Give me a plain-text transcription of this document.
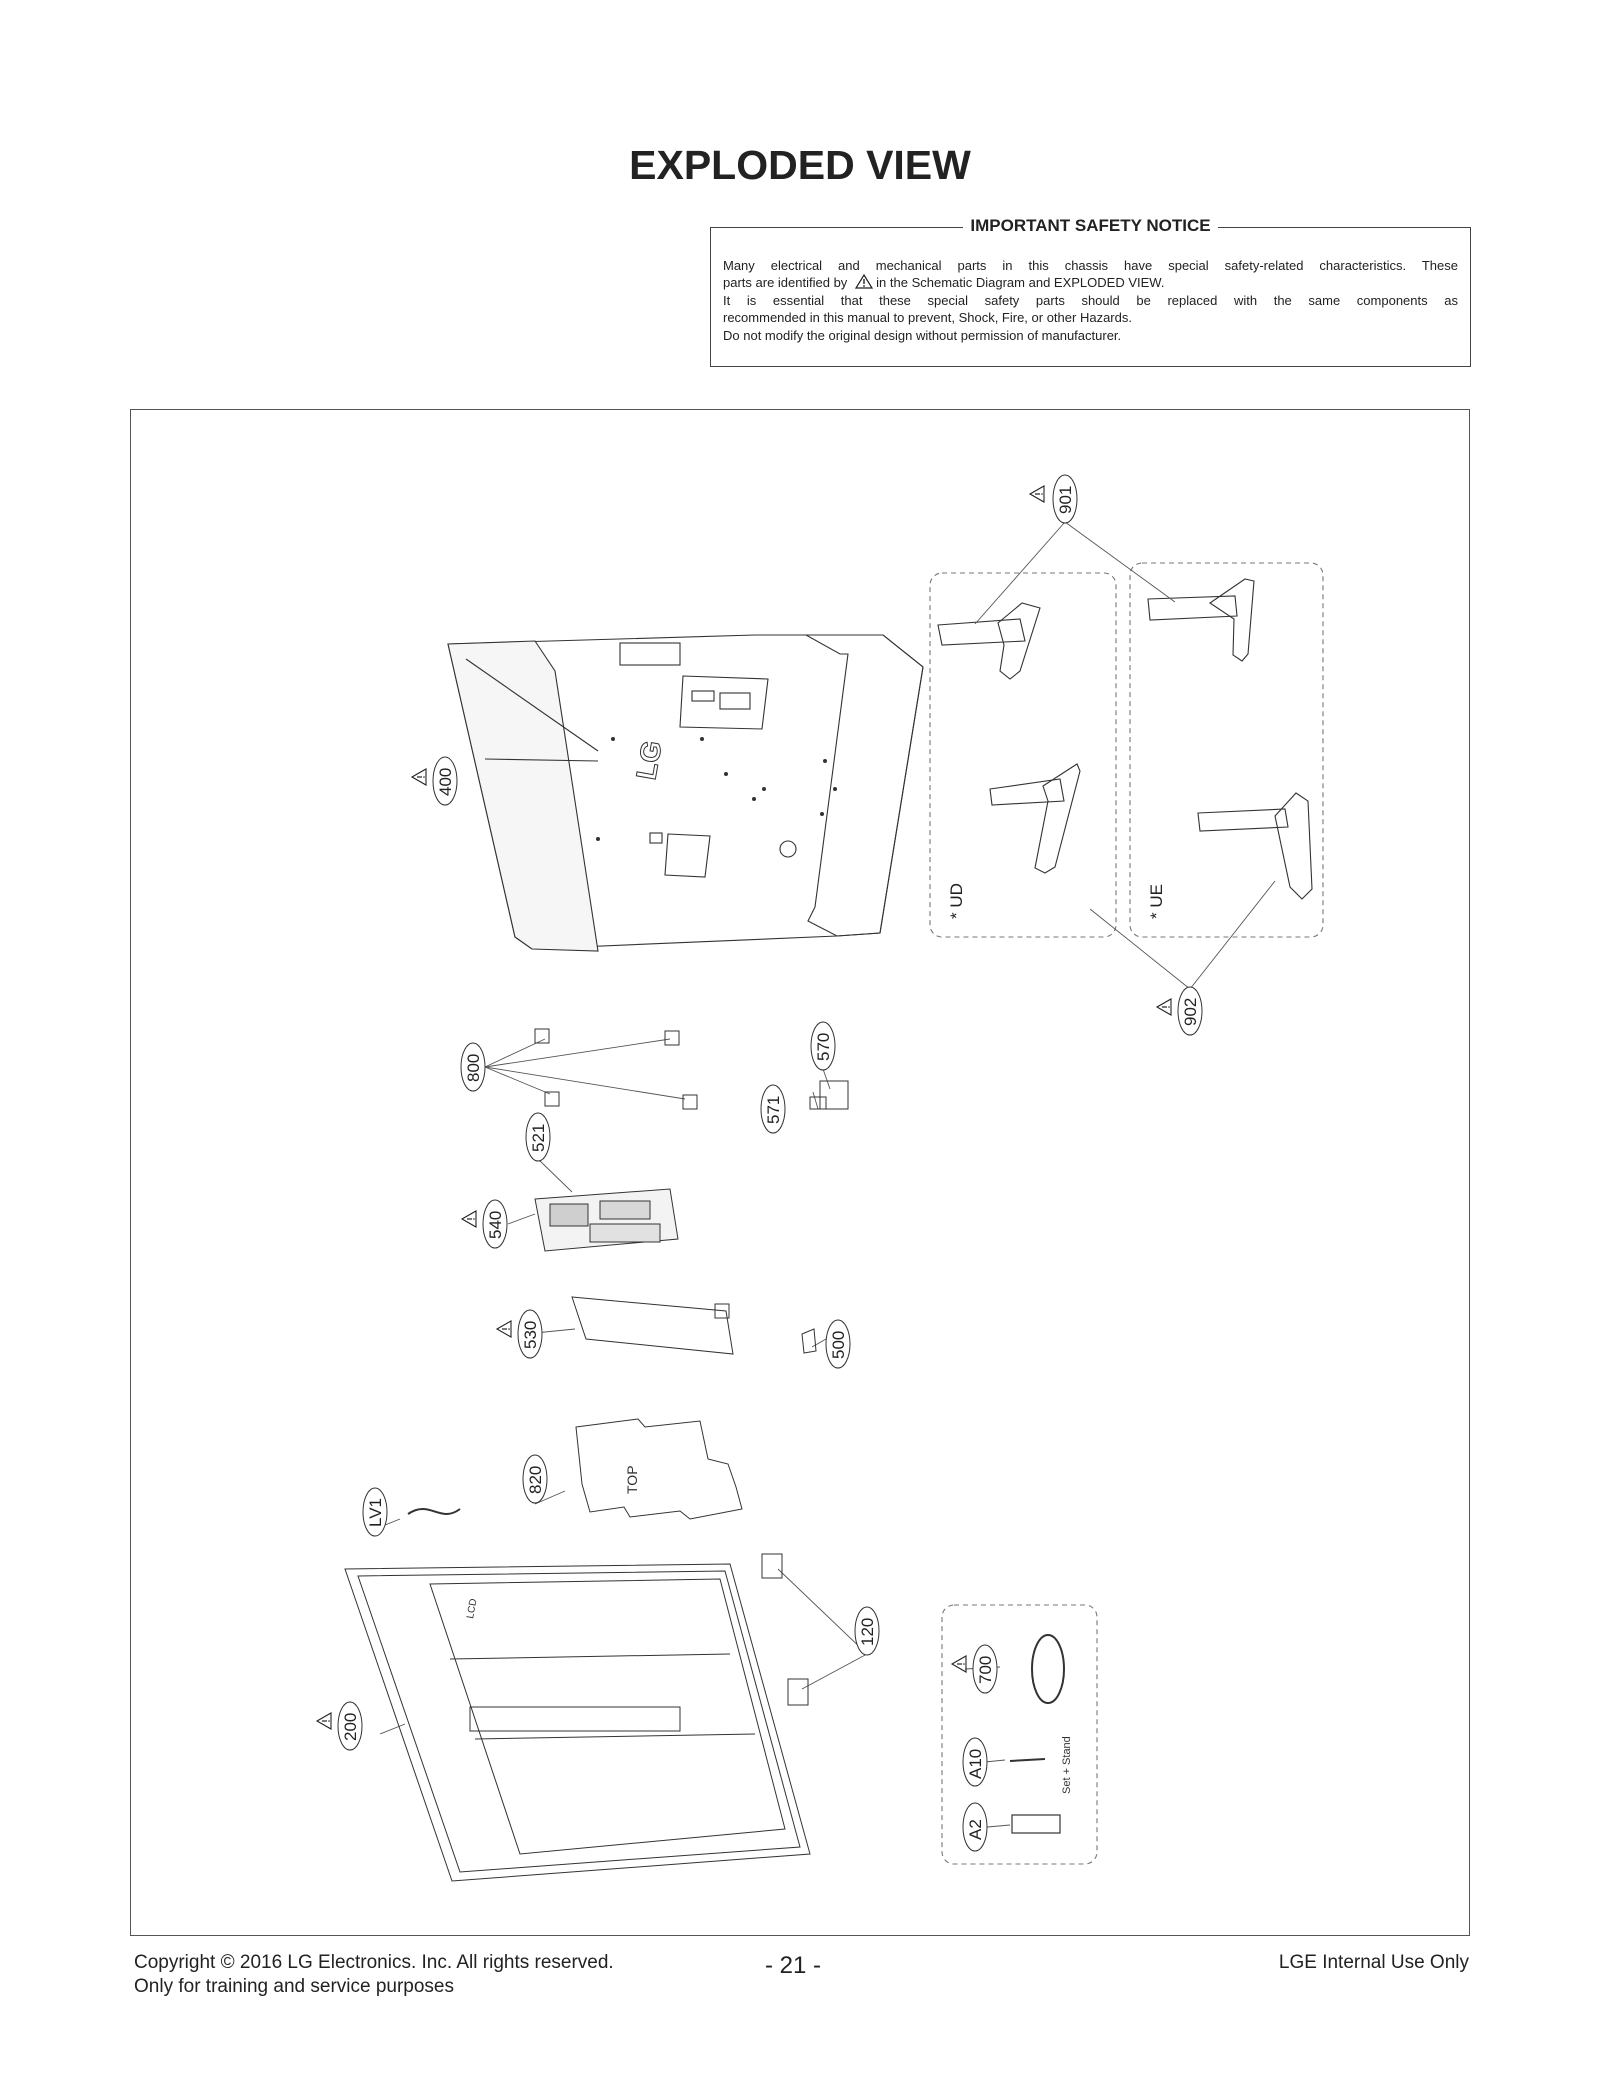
EXPLODED VIEW
IMPORTANT SAFETY NOTICE
Many electrical and mechanical parts in this chassis have special safety-related characteristics. These
parts are identified by in the Schematic Diagram and EXPLODED VIEW.
It is essential that these special safety parts should be replaced with the same components as
recommended in this manual to prevent, Shock, Fire, or other Hazards.
Do not modify the original design without permission of manufacturer.
LG
* UD	* UE
TOP
LCD
Set + Stand
901
902
400
800
570
571
521
540
530	500
820
LV1
200
120
700
A10
A2
Copyright © 2016 LG Electronics. Inc. All rights reserved.
Only for training and service purposes
- 21 -	LGE Internal Use Only
